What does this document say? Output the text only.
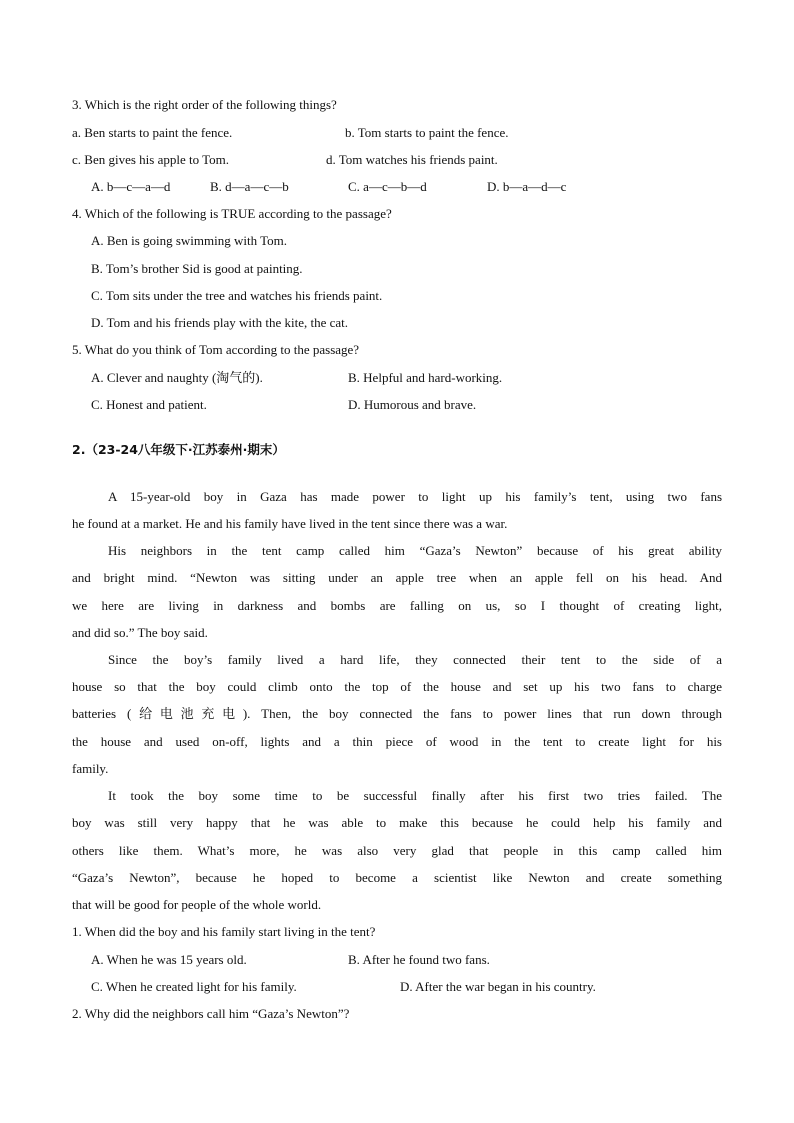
3. Which is the right order of the following things?
a. Ben starts to paint the fence.	b. Tom starts to paint the fence.
c. Ben gives his apple to Tom.	d. Tom watches his friends paint.
A. b—c—a—d	B. d—a—c—b	C. a—c—b—d	D. b—a—d—c
4. Which of the following is TRUE according to the passage?
A. Ben is going swimming with Tom.
B. Tom’s brother Sid is good at painting.
C. Tom sits under the tree and watches his friends paint.
D. Tom and his friends play with the kite, the cat.
5. What do you think of Tom according to the passage?
A. Clever and naughty (淘气的).	B. Helpful and hard-working.
C. Honest and patient.	D. Humorous and brave.
2.（23-24八年级下·江苏泰州·期末）
A 15-year-old boy in Gaza has made power to light up his family’s tent, using two fans
he found at a market. He and his family have lived in the tent since there was a war.
His neighbors in the tent camp called him “Gaza’s Newton” because of his great ability
and bright mind. “Newton was sitting under an apple tree when an apple fell on his head. And
we here are living in darkness and bombs are falling on us, so I thought of creating light,
and did so.” The boy said.
Since the boy’s family lived a hard life, they connected their tent to the side of a
house so that the boy could climb onto the top of the house and set up his two fans to charge
batteries (给电池充电). Then, the boy connected the fans to power lines that run down through
the house and used on-off, lights and a thin piece of wood in the tent to create light for his
family.
It took the boy some time to be successful finally after his first two tries failed. The
boy was still very happy that he was able to make this because he could help his family and
others like them. What’s more, he was also very glad that people in this camp called him
“Gaza’s Newton”, because he hoped to become a scientist like Newton and create something
that will be good for people of the whole world.
1. When did the boy and his family start living in the tent?
A. When he was 15 years old.	B. After he found two fans.
C. When he created light for his family.	D. After the war began in his country.
2. Why did the neighbors call him “Gaza’s Newton”?
